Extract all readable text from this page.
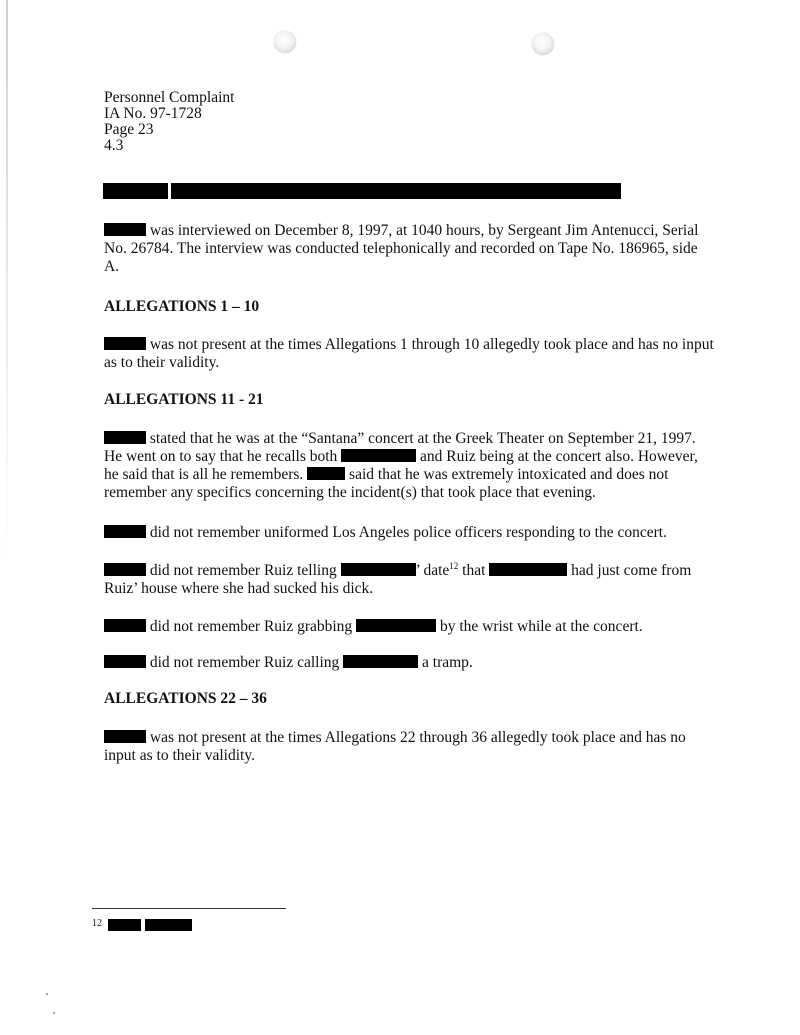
Personnel Complaint
IA No. 97-1728
Page 23
4.3

was interviewed on December 8, 1997, at 1040 hours, by Sergeant Jim Antenucci, Serial No. 26784. The interview was conducted telephonically and recorded on Tape No. 186965, side A.

ALLEGATIONS 1 – 10

was not present at the times Allegations 1 through 10 allegedly took place and has no input as to their validity.

ALLEGATIONS 11 - 21

stated that he was at the “Santana” concert at the Greek Theater on September 21, 1997. He went on to say that he recalls both	and Ruiz being at the concert also. However, he said that is all he remembers.	said that he was extremely intoxicated and does not remember any specifics concerning the incident(s) that took place that evening.

did not remember uniformed Los Angeles police officers responding to the concert.

did not remember Ruiz telling	’ date$^{12}$ that	had just come from Ruiz’ house where she had sucked his dick.

did not remember Ruiz grabbing	by the wrist while at the concert.

did not remember Ruiz calling	a tramp.

ALLEGATIONS 22 – 36

was not present at the times Allegations 22 through 36 allegedly took place and has no input as to their validity.

12
